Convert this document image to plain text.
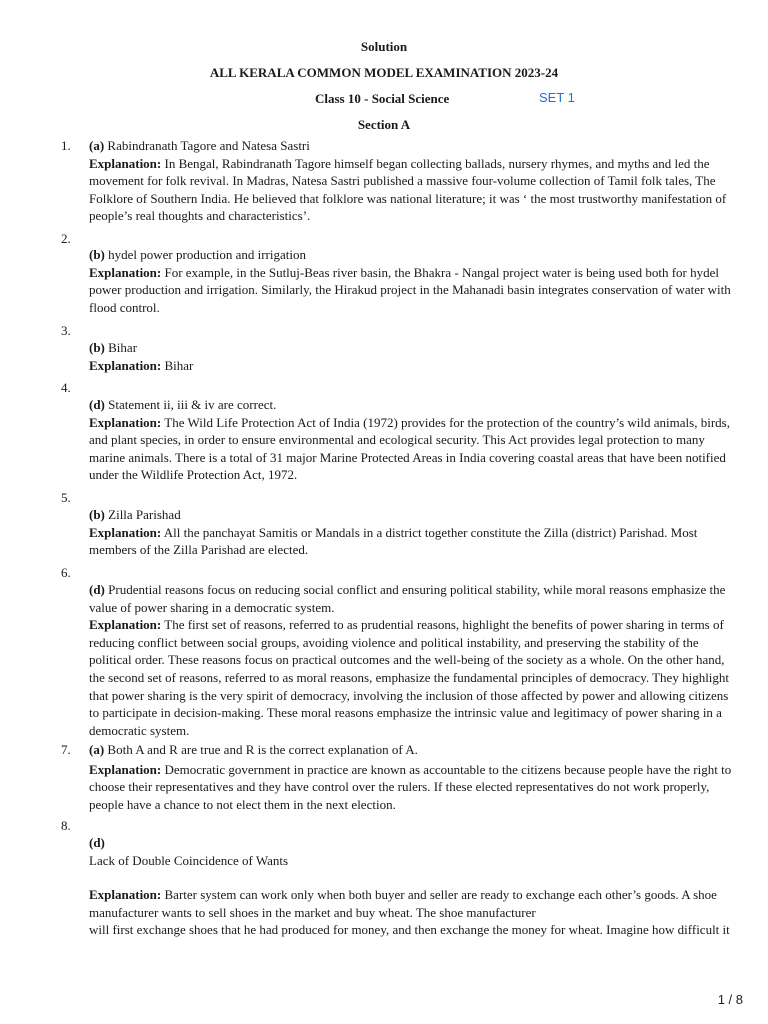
Solution
ALL KERALA COMMON MODEL EXAMINATION 2023-24
Class 10 - Social Science	SET 1
Section A
1. (a) Rabindranath Tagore and Natesa Sastri

Explanation: In Bengal, Rabindranath Tagore himself began collecting ballads, nursery rhymes, and myths and led the movement for folk revival. In Madras, Natesa Sastri published a massive four-volume collection of Tamil folk tales, The Folklore of Southern India. He believed that folklore was national literature; it was ‘ the most trustworthy manifestation of people’s real thoughts and characteristics’.

2.

(b) hydel power production and irrigation

Explanation: For example, in the Sutluj-Beas river basin, the Bhakra - Nangal project water is being used both for hydel power production and irrigation. Similarly, the Hirakud project in the Mahanadi basin integrates conservation of water with flood control.

3.

(b) Bihar

Explanation: Bihar

4.

(d) Statement ii, iii & iv are correct.

Explanation: The Wild Life Protection Act of India (1972) provides for the protection of the country’s wild animals, birds, and plant species, in order to ensure environmental and ecological security. This Act provides legal protection to many marine animals. There is a total of 31 major Marine Protected Areas in India covering coastal areas that have been notified under the Wildlife Protection Act, 1972.

5.

(b) Zilla Parishad

Explanation: All the panchayat Samitis or Mandals in a district together constitute the Zilla (district) Parishad. Most members of the Zilla Parishad are elected.

6.

(d) Prudential reasons focus on reducing social conflict and ensuring political stability, while moral reasons emphasize the value of power sharing in a democratic system.

Explanation: The first set of reasons, referred to as prudential reasons, highlight the benefits of power sharing in terms of reducing conflict between social groups, avoiding violence and political instability, and preserving the stability of the political order. These reasons focus on practical outcomes and the well-being of the society as a whole. On the other hand, the second set of reasons, referred to as moral reasons, emphasize the fundamental principles of democracy. They highlight that power sharing is the very spirit of democracy, involving the inclusion of those affected by power and allowing citizens to participate in decision-making. These moral reasons emphasize the intrinsic value and legitimacy of power sharing in a democratic system.

7. (a) Both A and R are true and R is the correct explanation of A.

Explanation: Democratic government in practice are known as accountable to the citizens because people have the right to choose their representatives and they have control over the rulers. If these elected representatives do not work properly, people have a chance to not elect them in the next election.

8.

(d)

Lack of Double Coincidence of Wants

Explanation: Barter system can work only when both buyer and seller are ready to exchange each other’s goods. A shoe manufacturer wants to sell shoes in the market and buy wheat. The shoe manufacturer

will first exchange shoes that he had produced for money, and then exchange the money for wheat. Imagine how difficult it

1 / 8
